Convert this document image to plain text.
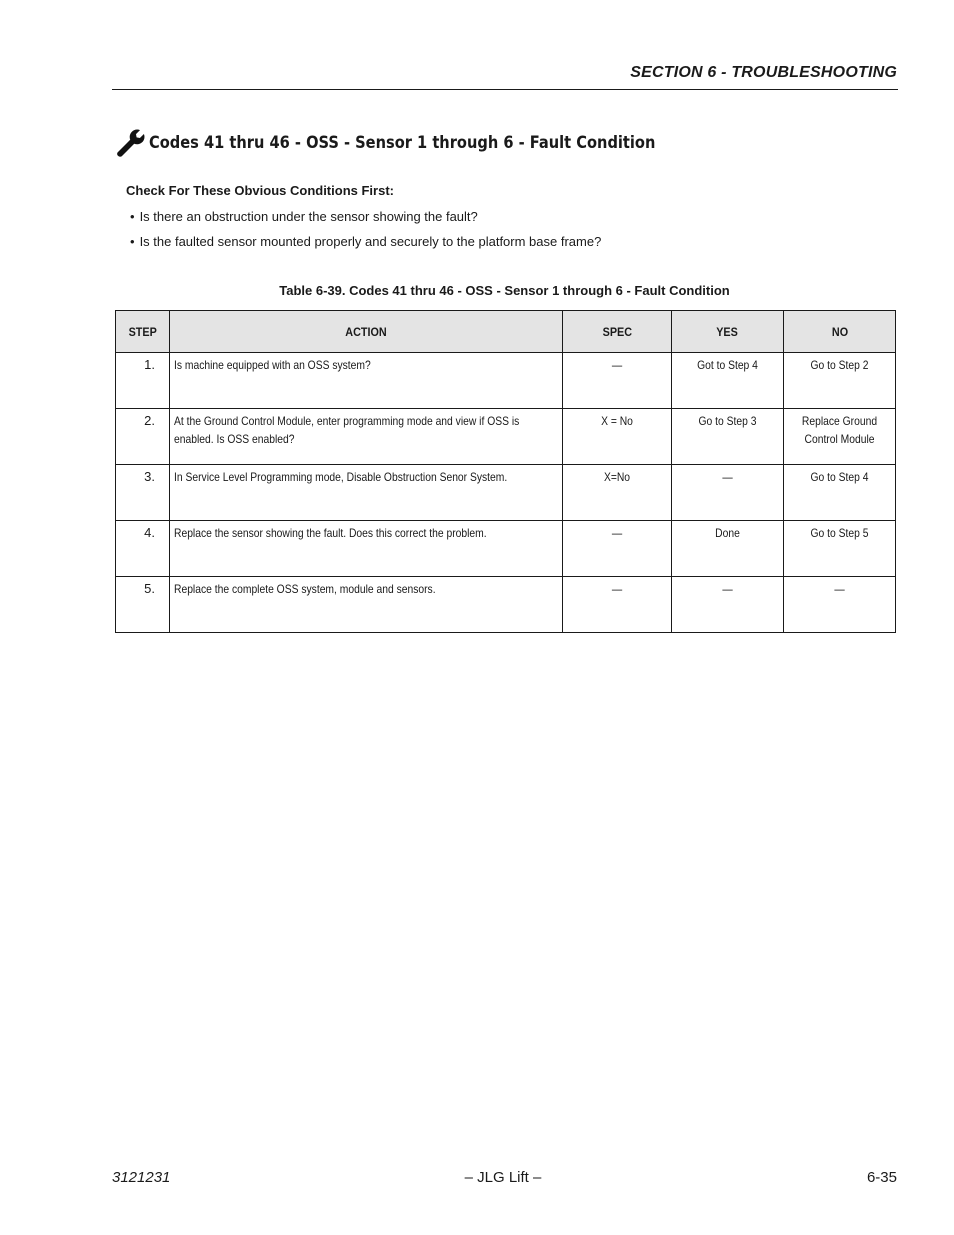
SECTION 6 - TROUBLESHOOTING
Codes 41 thru 46 - OSS - Sensor 1 through 6 - Fault Condition
Check For These Obvious Conditions First:
• Is there an obstruction under the sensor showing the fault?
• Is the faulted sensor mounted properly and securely to the platform base frame?
Table 6-39. Codes 41 thru 46 - OSS - Sensor 1 through 6 - Fault Condition
STEP	ACTION	SPEC	YES	NO

1.	Is machine equipped with an OSS system?	—	Got to Step 4	Go to Step 2

2.	At the Ground Control Module, enter programming mode and view if OSS is enabled. Is OSS enabled?	X = No	Go to Step 3	Replace Ground Control Module

3.	In Service Level Programming mode, Disable Obstruction Senor System.	X=No	—	Go to Step 4

4.	Replace the sensor showing the fault. Does this correct the problem.	—	Done	Go to Step 5

5.	Replace the complete OSS system, module and sensors.	—	—	—
3121231	– JLG Lift –	6-35
